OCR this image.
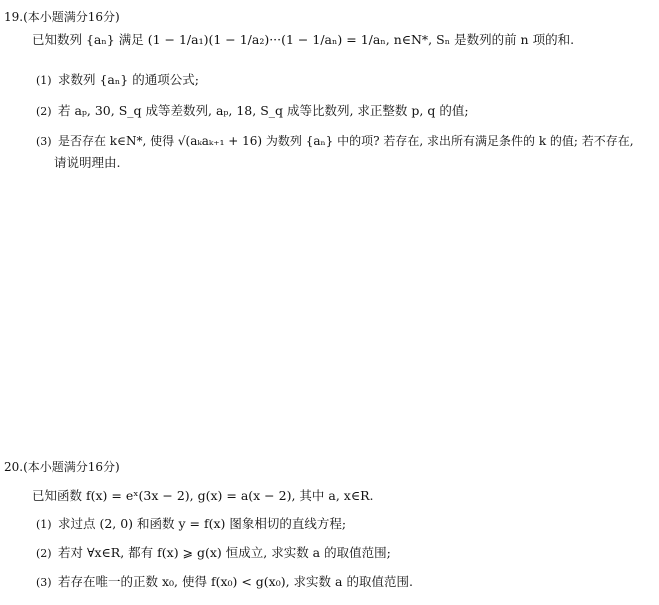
19.(本小题满分16分)
已知数列 {aₙ} 满足 (1 − 1/a₁)(1 − 1/a₂)···(1 − 1/aₙ) = 1/aₙ, n∈N*, Sₙ 是数列的前 n 项的和.
(1) 求数列 {aₙ} 的通项公式;
(2) 若 aₚ, 30, S_q 成等差数列, aₚ, 18, S_q 成等比数列, 求正整数 p, q 的值;
(3) 是否存在 k∈N*, 使得 √(aₖaₖ₊₁ + 16) 为数列 {aₙ} 中的项? 若存在, 求出所有满足条件的 k 的值; 若不存在,
请说明理由.
20.(本小题满分16分)
已知函数 f(x) = eˣ(3x − 2), g(x) = a(x − 2), 其中 a, x∈R.
(1) 求过点 (2, 0) 和函数 y = f(x) 图象相切的直线方程;
(2) 若对 ∀x∈R, 都有 f(x) ⩾ g(x) 恒成立, 求实数 a 的取值范围;
(3) 若存在唯一的正数 x₀, 使得 f(x₀) < g(x₀), 求实数 a 的取值范围.
